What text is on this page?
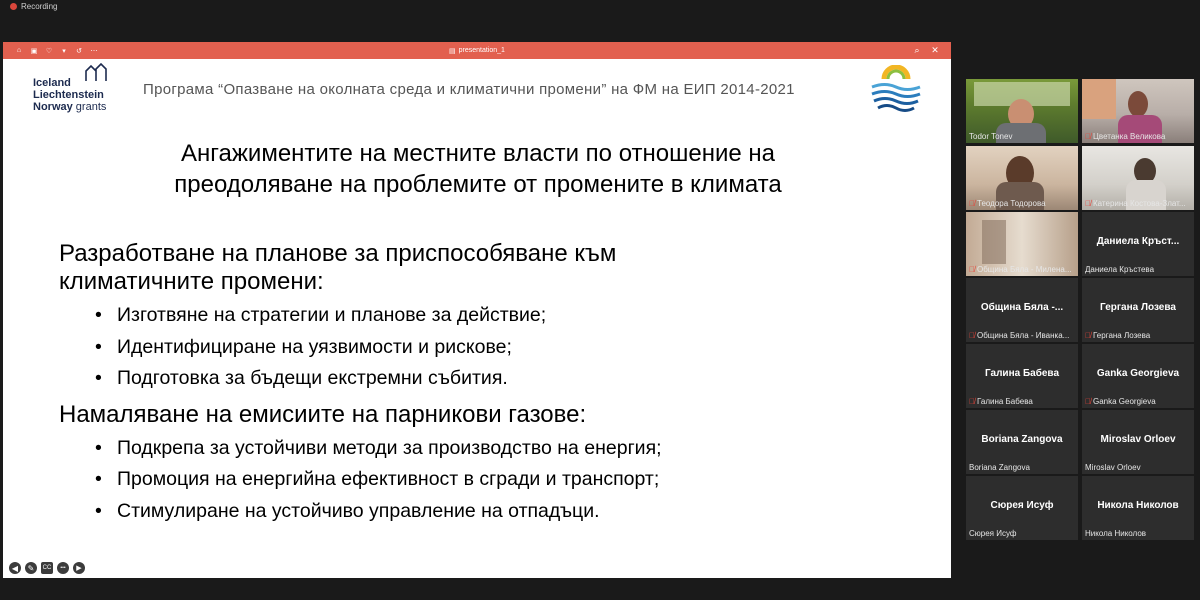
Recording
⌂ ▣ ♡	▾	↺ ⋯	▤ presentation_1	⌕ ✕
Iceland
Liechtenstein
Norway grants
Програма “Опазване на околната среда и климатични промени” на ФМ на ЕИП 2014-2021
Ангажиментите на местните власти по отношение на
преодоляване на проблемите от промените в климата
Разработване на планове за приспособяване към
климатичните промени:
• Изготвяне на стратегии и планове за действие;
• Идентифициране на уязвимости и рискове;
• Подготовка за бъдещи екстремни събития.
Намаляване на емисиите на парникови газове:
• Подкрепа за устойчиви методи за производство на енергия;
• Промоция на енергийна ефективност в сгради и транспорт;
• Стимулиране на устойчиво управление на отпадъци.
◀	✎	CC	•••	▶
Todor Tonev	🎙̸ Цветанка Великова
🎙̸ Теодора Тодорова	🎙̸ Катерина Костова-Злат...
🎙̸ Община Бяла - Милена...
Даниела Кръст...
Даниела Кръстева
Община Бяла -...
🎙̸ Община Бяла - Иванка...
Гергана Лозева
🎙̸ Гергана Лозева
Галина Бабева
🎙̸ Галина Бабева
Ganka Georgieva
🎙̸ Ganka Georgieva
Boriana Zangova
Boriana Zangova
Miroslav Orloev
Miroslav Orloev
Сюрея Исуф
Сюрея Исуф
Никола Николов
Никола Николов
